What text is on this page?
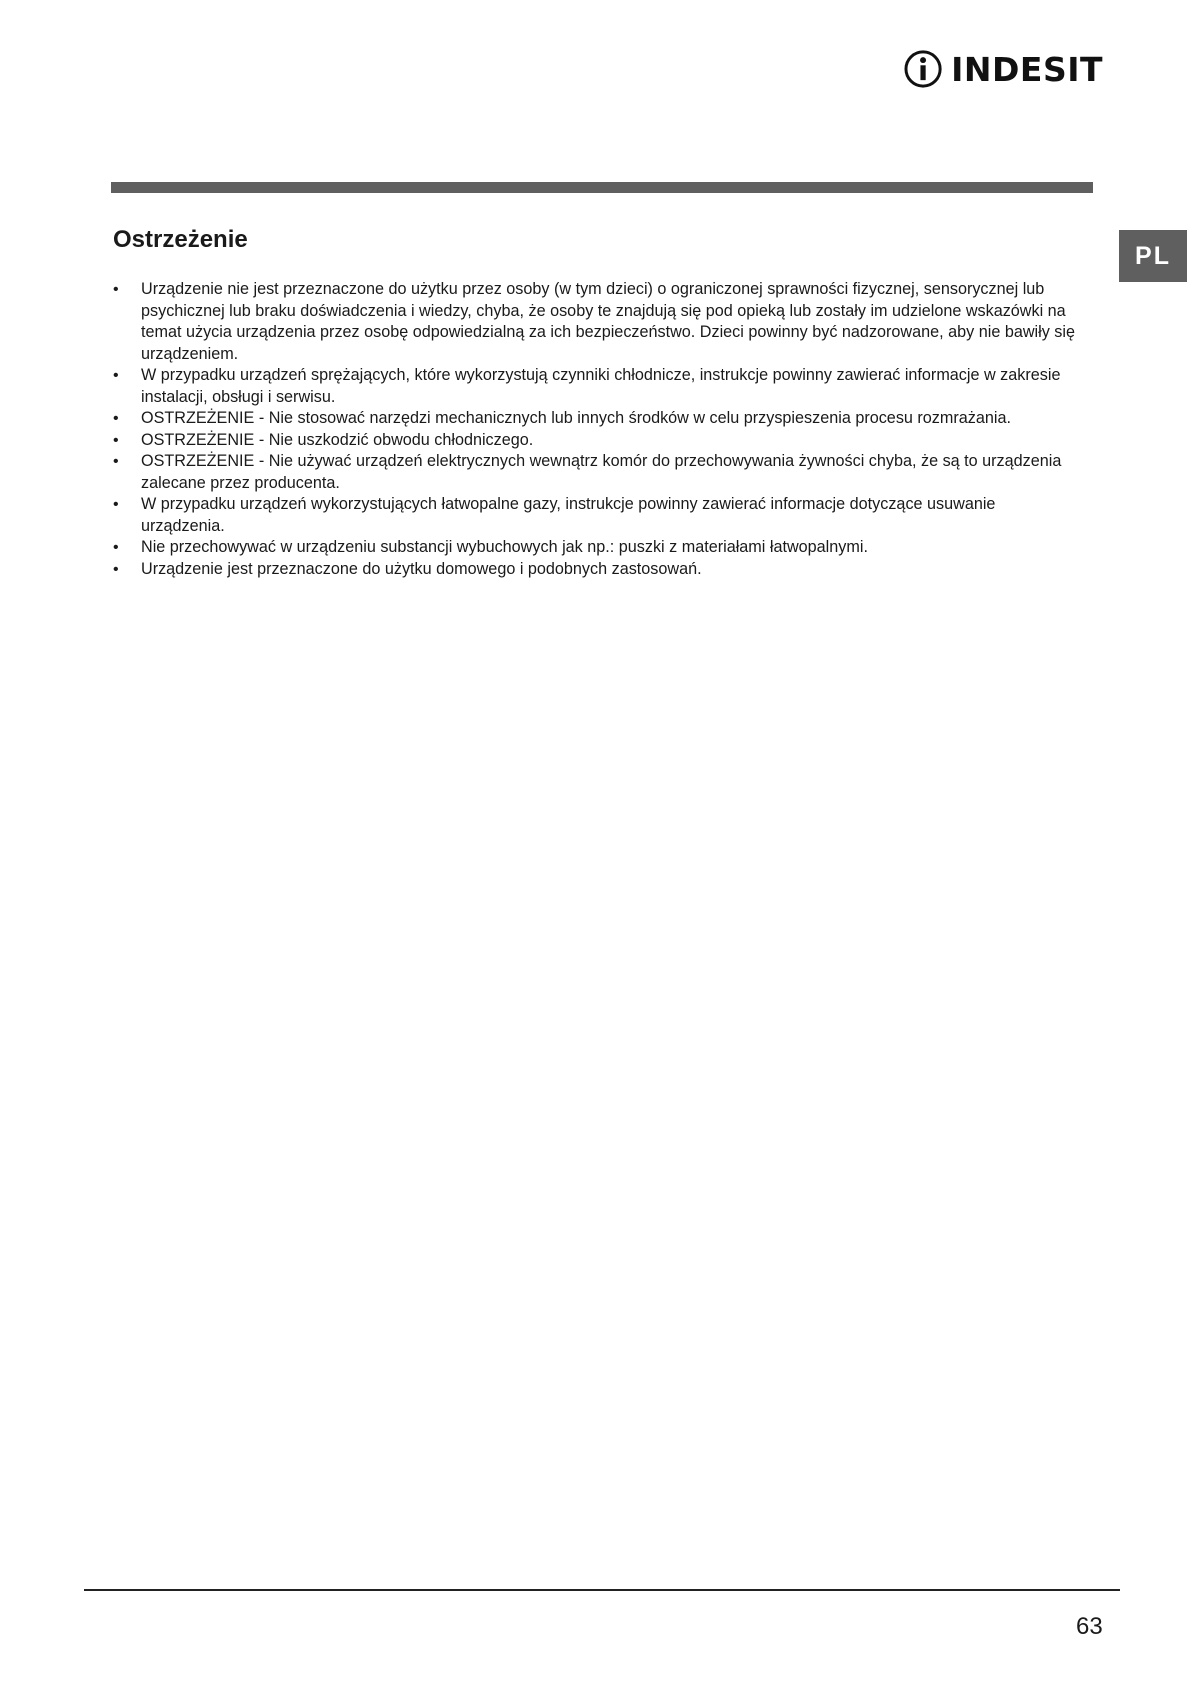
INDESIT
PL
Ostrzeżenie
• Urządzenie nie jest przeznaczone do użytku przez osoby (w tym dzieci) o ograniczonej sprawności fizycznej, sensorycznej lub psychicznej lub braku doświadczenia i wiedzy, chyba, że osoby te znajdują się pod opieką lub zostały im udzielone wskazówki na temat użycia urządzenia przez osobę odpowiedzialną za ich bezpieczeństwo. Dzieci powinny być nadzorowane, aby nie bawiły się urządzeniem.
• W przypadku urządzeń sprężających, które wykorzystują czynniki chłodnicze, instrukcje powinny zawierać informacje w zakresie instalacji, obsługi i serwisu.
• OSTRZEŻENIE - Nie stosować narzędzi mechanicznych lub innych środków w celu przyspieszenia procesu rozmrażania.
• OSTRZEŻENIE - Nie uszkodzić obwodu chłodniczego.
• OSTRZEŻENIE - Nie używać urządzeń elektrycznych wewnątrz komór do przechowywania żywności chyba, że są to urządzenia zalecane przez producenta.
• W przypadku urządzeń wykorzystujących łatwopalne gazy, instrukcje powinny zawierać informacje dotyczące usuwanie urządzenia.
• Nie przechowywać w urządzeniu substancji wybuchowych jak np.: puszki z materiałami łatwopalnymi.
• Urządzenie jest przeznaczone do użytku domowego i podobnych zastosowań.
63
